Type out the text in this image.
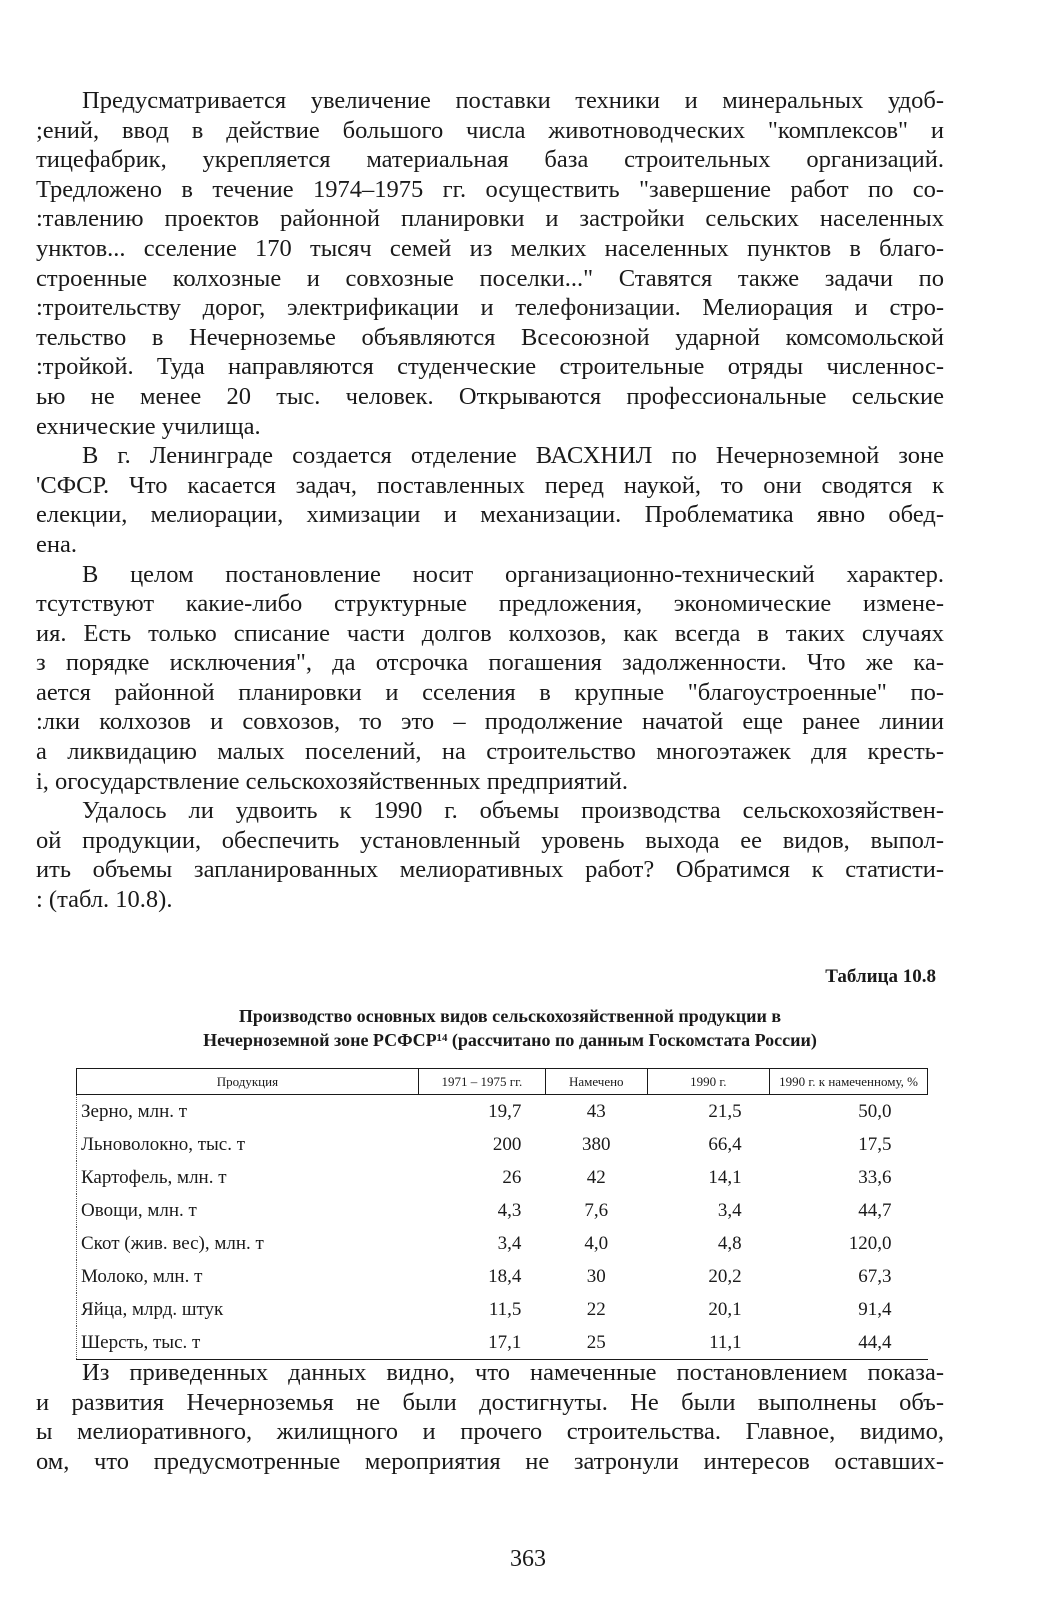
Предусматривается увеличение поставки техники и минеральных удоб-
;ений, ввод в действие большого числа животноводческих "комплексов" и
тицефабрик, укрепляется материальная база строительных организаций.
Тредложено в течение 1974–1975 гг. осуществить "завершение работ по со-
:тавлению проектов районной планировки и застройки сельских населенных
унктов... сселение 170 тысяч семей из мелких населенных пунктов в благо-
строенные колхозные и совхозные поселки..." Ставятся также задачи по
:троительству дорог, электрификации и телефонизации. Мелиорация и стро-
тельство в Нечерноземье объявляются Всесоюзной ударной комсомольской
:тройкой. Туда направляются студенческие строительные отряды численнос-
ью не менее 20 тыс. человек. Открываются профессиональные сельские
ехнические училища.

В г. Ленинграде создается отделение ВАСХНИЛ по Нечерноземной зоне
'СФСР. Что касается задач, поставленных перед наукой, то они сводятся к
елекции, мелиорации, химизации и механизации. Проблематика явно обед-
ена.

В целом постановление носит организационно-технический характер.
тсутствуют какие-либо структурные предложения, экономические измене-
ия. Есть только списание части долгов колхозов, как всегда в таких случаях
з порядке исключения", да отсрочка погашения задолженности. Что же ка-
ается районной планировки и сселения в крупные "благоустроенные" по-
:лки колхозов и совхозов, то это – продолжение начатой еще ранее линии
а ликвидацию малых поселений, на строительство многоэтажек для кресть-
i, огосударствление сельскохозяйственных предприятий.

Удалось ли удвоить к 1990 г. объемы производства сельскохозяйствен-
ой продукции, обеспечить установленный уровень выхода ее видов, выпол-
ить объемы запланированных мелиоративных работ? Обратимся к статисти-
: (табл. 10.8).

Таблица 10.8
Производство основных видов сельскохозяйственной продукции в
Нечерноземной зоне РСФСР¹⁴ (рассчитано по данным Госкомстата России)
Продукция	1971 – 1975 гг.	Намечено	1990 г.	1990 г. к намеченному, %
Зерно, млн. т	19,7	43	21,5	50,0
Льноволокно, тыс. т	200	380	66,4	17,5
Картофель, млн. т	26	42	14,1	33,6
Овощи, млн. т	4,3	7,6	3,4	44,7
Скот (жив. вес), млн. т	3,4	4,0	4,8	120,0
Молоко, млн. т	18,4	30	20,2	67,3
Яйца, млрд. штук	11,5	22	20,1	91,4
Шерсть, тыс. т	17,1	25	11,1	44,4

Из приведенных данных видно, что намеченные постановлением показа-
и развития Нечерноземья не были достигнуты. Не были выполнены объ-
ы мелиоративного, жилищного и прочего строительства. Главное, видимо,
ом, что предусмотренные мероприятия не затронули интересов оставших-

363
